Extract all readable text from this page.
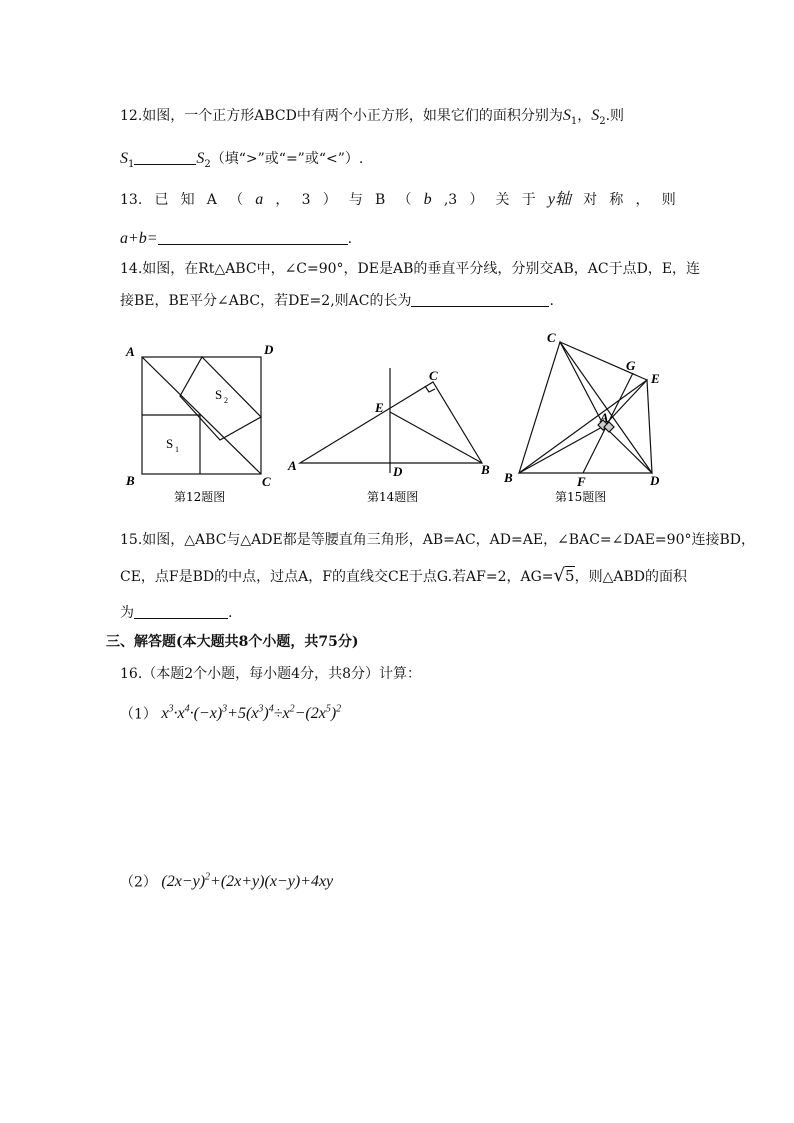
12.如图，一个正方形ABCD中有两个小正方形，如果它们的面积分别为$S_1$，$S_2$.则
$S_1$	$S_2$（填“>”或“=”或“<”）.
13. 已 知 A （ a ， 3 ） 与 B （ b ,3 ） 关 于 y轴 对 称 ， 则
a+b=	.
14.如图，在Rt△ABC中，∠C=90°，DE是AB的垂直平分线，分别交AB，AC于点D，E，连
接BE，BE平分∠ABC，若DE=2,则AC的长为	.
A	D
B	C
S 1
S 2
第12题图
A	B
C
D
E
第14题图
C
G
E
A
B	F	D
第15题图
15.如图，△ABC与△ADE都是等腰直角三角形，AB=AC，AD=AE，∠BAC=∠DAE=90°连接BD，
CE，点F是BD的中点，过点A，F的直线交CE于点G.若AF=2，AG=√5，则△ABD的面积
为	.
三、解答题(本大题共8个小题，共75分)
16.（本题2个小题，每小题4分，共8分）计算：
（1） $x^3\cdot x^4\cdot(-x)^3+5(x^3)^4\div x^2-(2x^5)^2$
（2） $(2x-y)^2+(2x+y)(x-y)+4xy$
